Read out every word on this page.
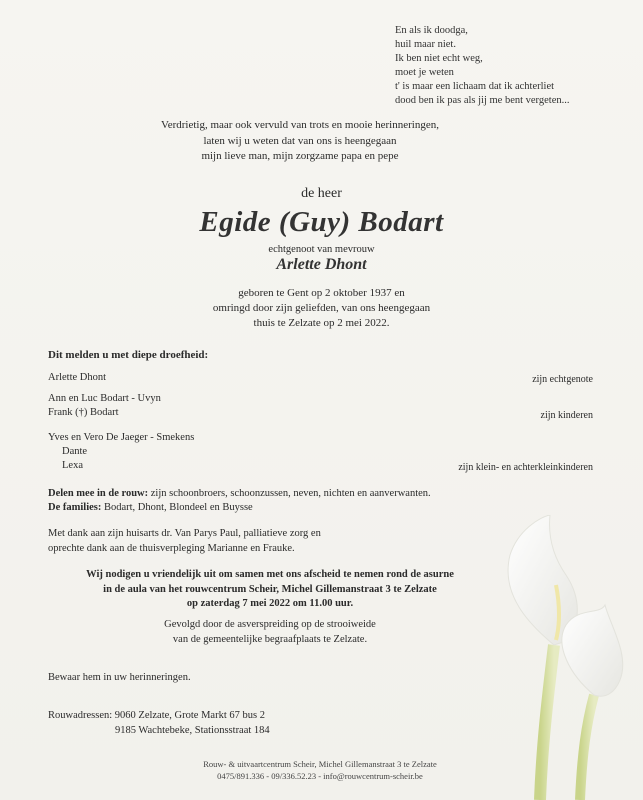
En als ik doodga,
huil maar niet.
Ik ben niet echt weg,
moet je weten
t' is maar een lichaam dat ik achterliet
dood ben ik pas als jij me bent vergeten...
Verdrietig, maar ook vervuld van trots en mooie herinneringen,
laten wij u weten dat van ons is heengegaan
mijn lieve man, mijn zorgzame papa en pepe
de heer
Egide (Guy) Bodart
echtgenoot van mevrouw
Arlette Dhont
geboren te Gent op 2 oktober 1937 en
omringd door zijn geliefden, van ons heengegaan
thuis te Zelzate op 2 mei 2022.
Dit melden u met diepe droefheid:
Arlette Dhont	zijn echtgenote
Ann en Luc Bodart - Uvyn
Frank (†) Bodart	zijn kinderen
Yves en Vero De Jaeger - Smekens
Dante
Lexa	zijn klein- en achterkleinkinderen
Delen mee in de rouw: zijn schoonbroers, schoonzussen, neven, nichten en aanverwanten.
De families: Bodart, Dhont, Blondeel en Buysse
Met dank aan zijn huisarts dr. Van Parys Paul, palliatieve zorg en
oprechte dank aan de thuisverpleging Marianne en Frauke.
Wij nodigen u vriendelijk uit om samen met ons afscheid te nemen rond de asurne
in de aula van het rouwcentrum Scheir, Michel Gillemanstraat 3 te Zelzate
op zaterdag 7 mei 2022 om 11.00 uur.
Gevolgd door de asverspreiding op de strooiweide
van de gemeentelijke begraafplaats te Zelzate.
Bewaar hem in uw herinneringen.
Rouwadressen: 9060 Zelzate, Grote Markt 67 bus 2
9185 Wachtebeke, Stationsstraat 184
Rouw- & uitvaartcentrum Scheir, Michel Gillemanstraat 3 te Zelzate
0475/891.336 - 09/336.52.23 - info@rouwcentrum-scheir.be
